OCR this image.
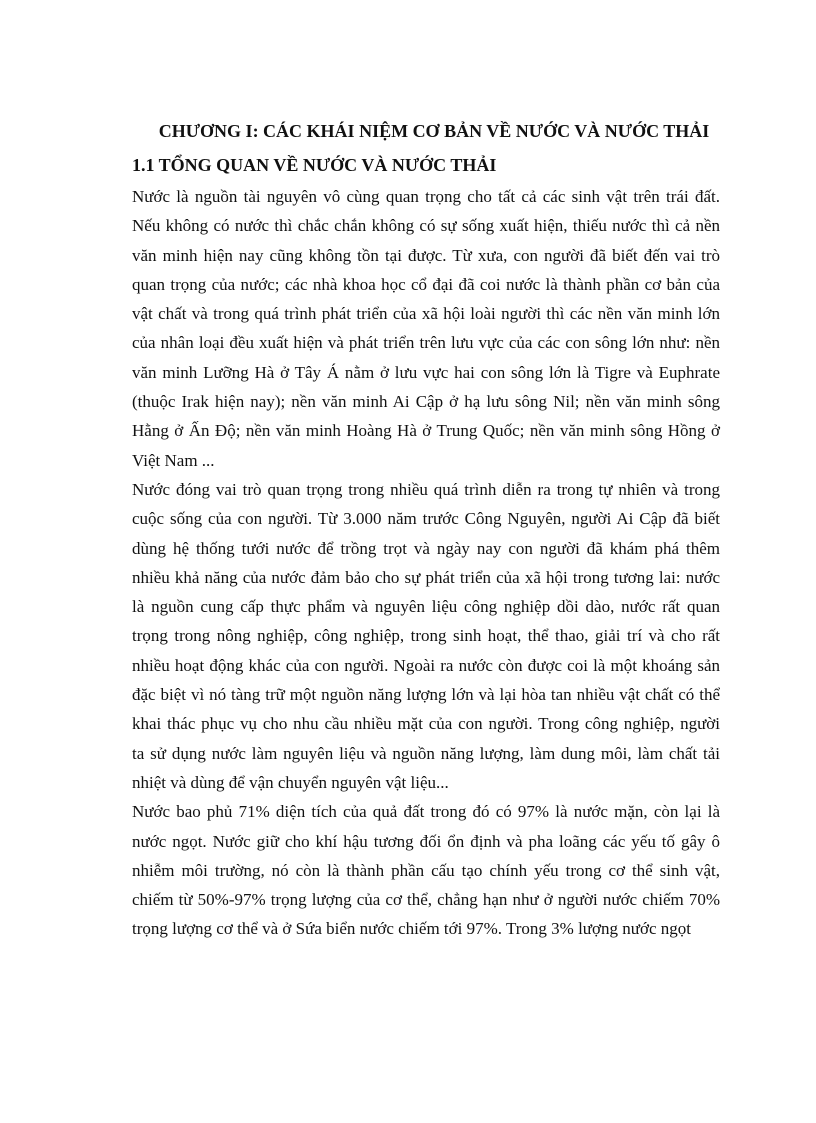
CHƯƠNG I: CÁC KHÁI NIỆM CƠ BẢN VỀ NƯỚC VÀ NƯỚC THẢI
1.1 TỔNG QUAN VỀ NƯỚC VÀ NƯỚC THẢI
Nước là nguồn tài nguyên vô cùng quan trọng cho tất cả các sinh vật trên trái đất.
Nếu không có nước thì chắc chắn không có sự sống xuất hiện, thiếu nước thì cả nền
văn minh hiện nay cũng không tồn tại được. Từ xưa, con người đã biết đến vai trò
quan trọng của nước; các nhà khoa học cổ đại đã coi nước là thành phần cơ bản của
vật chất và trong quá trình phát triển của xã hội loài người thì các nền văn minh lớn
của nhân loại đều xuất hiện và phát triển trên lưu vực của các con sông lớn như: nền
văn minh Lưỡng Hà ở Tây Á nằm ở lưu vực hai con sông lớn là Tigre và Euphrate
(thuộc Irak hiện nay); nền văn minh Ai Cập ở hạ lưu sông Nil; nền văn minh sông
Hằng ở Ấn Độ; nền văn minh Hoàng Hà ở Trung Quốc; nền văn minh sông Hồng ở
Việt Nam ...
Nước đóng vai trò quan trọng trong nhiều quá trình diễn ra trong tự nhiên và trong
cuộc sống của con người. Từ 3.000 năm trước Công Nguyên, người Ai Cập đã biết
dùng hệ thống tưới nước để trồng trọt và ngày nay con người đã khám phá thêm
nhiều khả năng của nước đảm bảo cho sự phát triển của xã hội trong tương lai: nước
là nguồn cung cấp thực phẩm và nguyên liệu công nghiệp dồi dào, nước rất quan
trọng trong nông nghiệp, công nghiệp, trong sinh hoạt, thể thao, giải trí và cho rất
nhiều hoạt động khác của con người. Ngoài ra nước còn được coi là một khoáng sản
đặc biệt vì nó tàng trữ một nguồn năng lượng lớn và lại hòa tan nhiều vật chất có thể
khai thác phục vụ cho nhu cầu nhiều mặt của con người. Trong công nghiệp, người
ta sử dụng nước làm nguyên liệu và nguồn năng lượng, làm dung môi, làm chất tải
nhiệt và dùng để vận chuyển nguyên vật liệu...
Nước bao phủ 71% diện tích của quả đất trong đó có 97% là nước mặn, còn lại là
nước ngọt. Nước giữ cho khí hậu tương đối ổn định và pha loãng các yếu tố gây ô
nhiễm môi trường, nó còn là thành phần cấu tạo chính yếu trong cơ thể sinh vật,
chiếm từ 50%-97% trọng lượng của cơ thể, chẳng hạn như ở người nước chiếm 70%
trọng lượng cơ thể và ở Sứa biển nước chiếm tới 97%. Trong 3% lượng nước ngọt
